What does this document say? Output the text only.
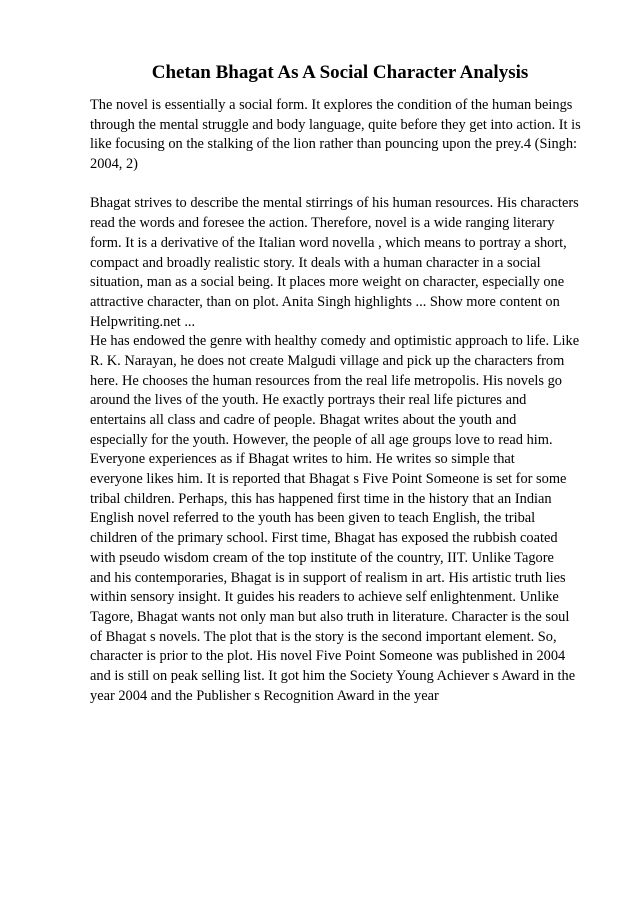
Chetan Bhagat As A Social Character Analysis
The novel is essentially a social form. It explores the condition of the human beings
through the mental struggle and body language, quite before they get into action. It is
like focusing on the stalking of the lion rather than pouncing upon the prey.4 (Singh:
2004, 2)
Bhagat strives to describe the mental stirrings of his human resources. His characters
read the words and foresee the action. Therefore, novel is a wide ranging literary
form. It is a derivative of the Italian word novella , which means to portray a short,
compact and broadly realistic story. It deals with a human character in a social
situation, man as a social being. It places more weight on character, especially one
attractive character, than on plot. Anita Singh highlights ... Show more content on
Helpwriting.net ...
He has endowed the genre with healthy comedy and optimistic approach to life. Like
R. K. Narayan, he does not create Malgudi village and pick up the characters from
here. He chooses the human resources from the real life metropolis. His novels go
around the lives of the youth. He exactly portrays their real life pictures and
entertains all class and cadre of people. Bhagat writes about the youth and
especially for the youth. However, the people of all age groups love to read him.
Everyone experiences as if Bhagat writes to him. He writes so simple that
everyone likes him. It is reported that Bhagat s Five Point Someone is set for some
tribal children. Perhaps, this has happened first time in the history that an Indian
English novel referred to the youth has been given to teach English, the tribal
children of the primary school. First time, Bhagat has exposed the rubbish coated
with pseudo wisdom cream of the top institute of the country, IIT. Unlike Tagore
and his contemporaries, Bhagat is in support of realism in art. His artistic truth lies
within sensory insight. It guides his readers to achieve self enlightenment. Unlike
Tagore, Bhagat wants not only man but also truth in literature. Character is the soul
of Bhagat s novels. The plot that is the story is the second important element. So,
character is prior to the plot. His novel Five Point Someone was published in 2004
and is still on peak selling list. It got him the Society Young Achiever s Award in the
year 2004 and the Publisher s Recognition Award in the year
